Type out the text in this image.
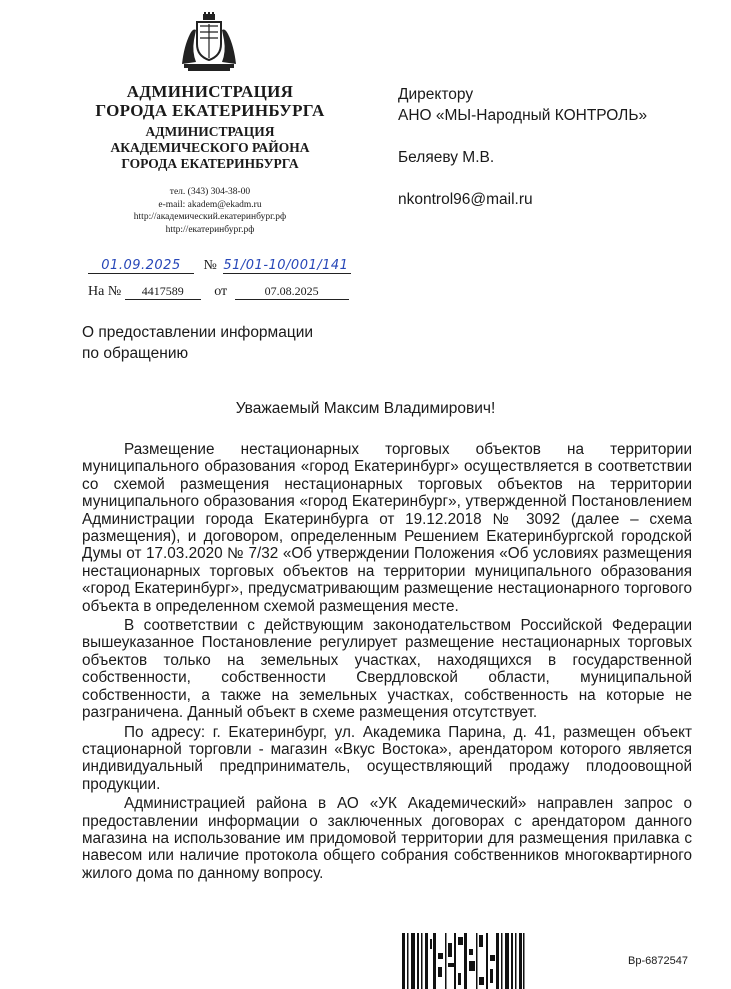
АДМИНИСТРАЦИЯ
ГОРОДА ЕКАТЕРИНБУРГА
АДМИНИСТРАЦИЯ
АКАДЕМИЧЕСКОГО РАЙОНА
ГОРОДА ЕКАТЕРИНБУРГА
тел. (343) 304-38-00
e-mail: akadem@ekadm.ru
http://академический.екатеринбург.рф
http://екатеринбург.рф
Директору
АНО «МЫ-Народный КОНТРОЛЬ»
Беляеву М.В.
nkontrol96@mail.ru
01.09.2025 № 51/01-10/001/141
На № 4417589 от	07.08.2025
О предоставлении информации
по обращению
Уважаемый Максим Владимирович!

Размещение нестационарных торговых объектов на территории муниципального образования «город Екатеринбург» осуществляется в соответствии со схемой размещения нестационарных торговых объектов на территории муниципального образования «город Екатеринбург», утвержденной Постановлением Администрации города Екатеринбурга от 19.12.2018 № 3092 (далее – схема размещения), и договором, определенным Решением Екатеринбургской городской Думы от 17.03.2020 № 7/32 «Об утверждении Положения «Об условиях размещения нестационарных торговых объектов на территории муниципального образования «город Екатеринбург», предусматривающим размещение нестационарного торгового объекта в определенном схемой размещения месте.

В соответствии с действующим законодательством Российской Федерации вышеуказанное Постановление регулирует размещение нестационарных торговых объектов только на земельных участках, находящихся в государственной собственности, собственности Свердловской области, муниципальной собственности, а также на земельных участках, собственность на которые не разграничена. Данный объект в схеме размещения отсутствует.

По адресу: г. Екатеринбург, ул. Академика Парина, д. 41, размещен объект стационарной торговли - магазин «Вкус Востока», арендатором которого является индивидуальный предприниматель, осуществляющий продажу плодоовощной продукции.

Администрацией района в АО «УК Академический» направлен запрос о предоставлении информации о заключенных договорах с арендатором данного магазина на использование им придомовой территории для размещения прилавка с навесом или наличие протокола общего собрания собственников многоквартирного жилого дома по данному вопросу.

Вр-6872547
